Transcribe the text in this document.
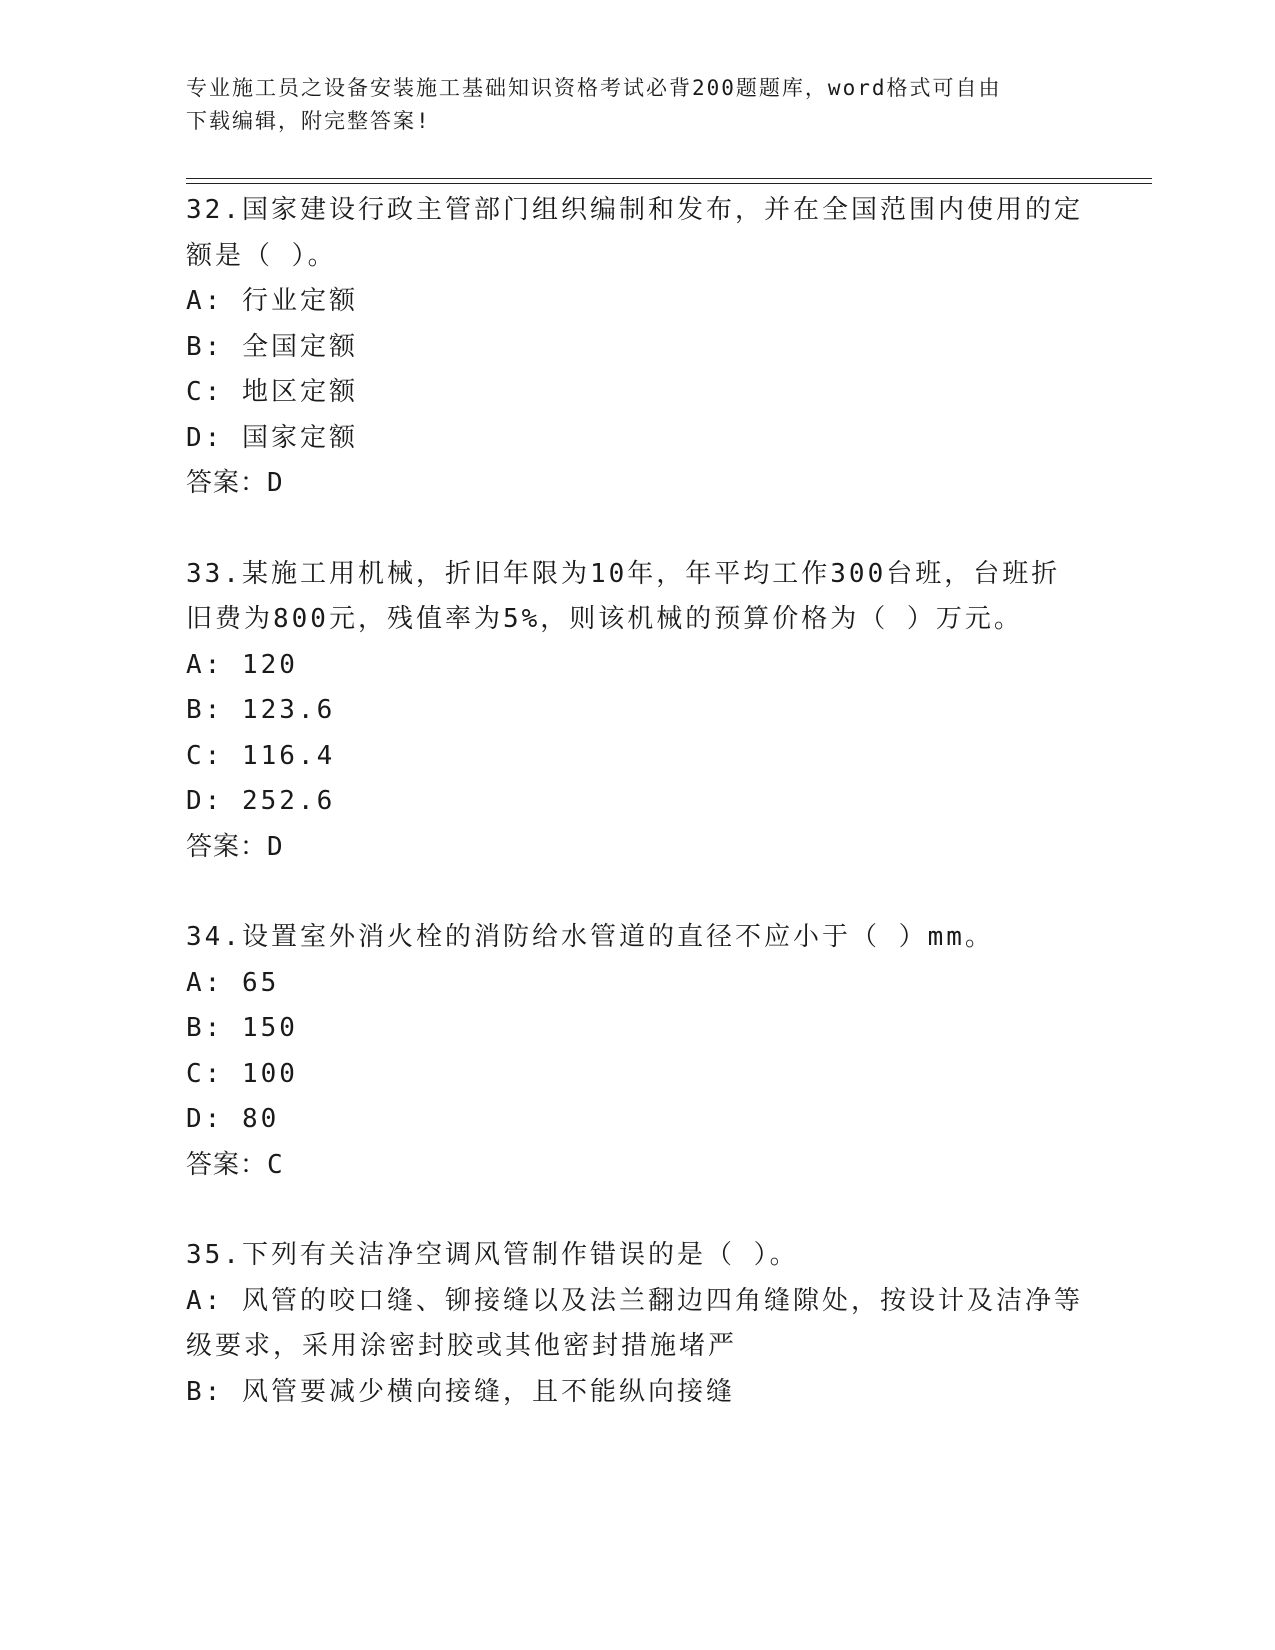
专业施工员之设备安装施工基础知识资格考试必背200题题库，word格式可自由
下载编辑，附完整答案!
32.国家建设行政主管部门组织编制和发布，并在全国范围内使用的定
额是（ ）。
A: 行业定额
B: 全国定额
C: 地区定额
D: 国家定额
答案：D
33.某施工用机械，折旧年限为10年，年平均工作300台班，台班折
旧费为800元，残值率为5%，则该机械的预算价格为（ ）万元。
A: 120
B: 123.6
C: 116.4
D: 252.6
答案：D
34.设置室外消火栓的消防给水管道的直径不应小于（ ）mm。
A: 65
B: 150
C: 100
D: 80
答案：C
35.下列有关洁净空调风管制作错误的是（ ）。
A: 风管的咬口缝、铆接缝以及法兰翻边四角缝隙处，按设计及洁净等
级要求，采用涂密封胶或其他密封措施堵严
B: 风管要减少横向接缝，且不能纵向接缝
